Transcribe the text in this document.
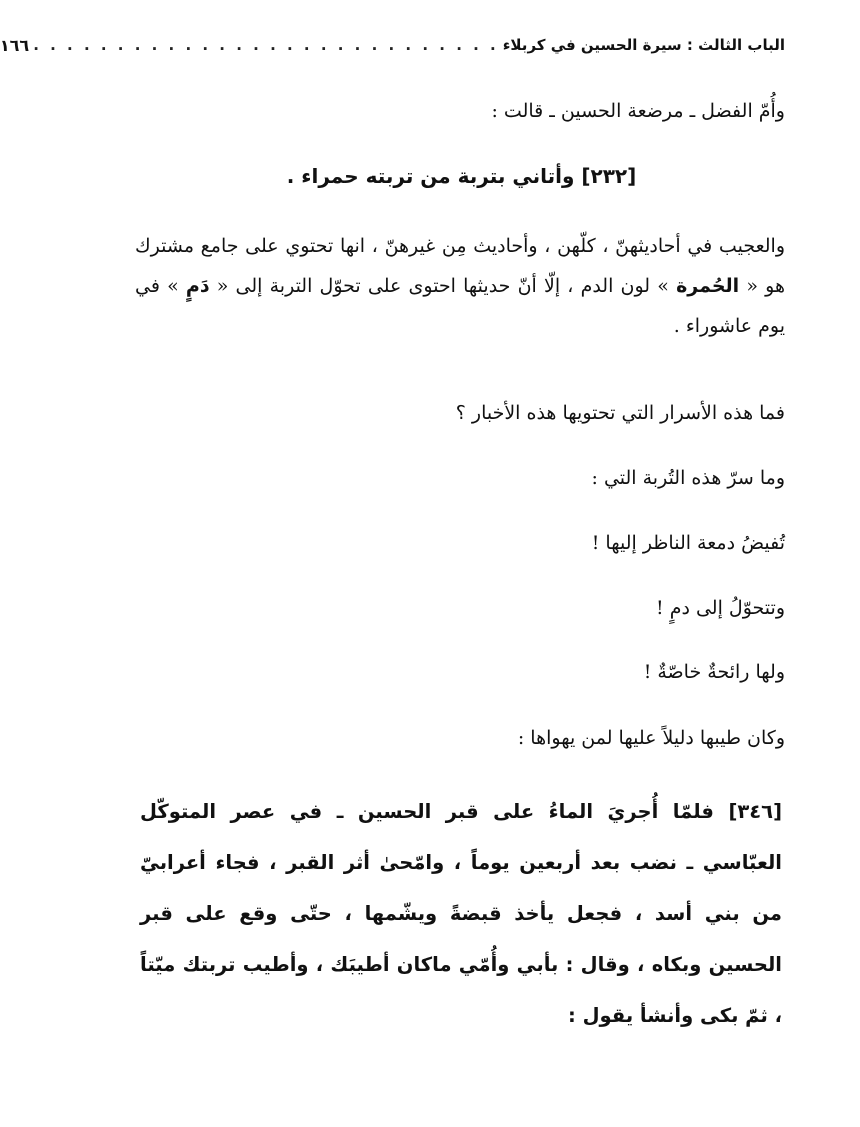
الباب الثالث : سيرة الحسين في كربلاء
. . . . . . . . . . . . . . . . . . . . . . . . . . . .
١٦٦

وأُمّ الفضل ـ مرضعة الحسين ـ قالت :

[٢٣٢] وأتاني بتربة من تربته حمراء .

والعجيب في أحاديثهنّ ، كلّهن ، وأحاديث مِن غيرهنّ ، انها تحتوي على جامع مشترك هو « الحُمرة » لون الدم ، إلّا أنّ حديثها احتوى على تحوّل التربة إلى « دَمٍ » في يوم عاشوراء .

فما هذه الأسرار التي تحتويها هذه الأخبار ؟

وما سرّ هذه التُربة التي :

تُفيضُ دمعة الناظر إليها !

وتتحوّلُ إلى دمٍ !

ولها رائحةٌ خاصّةٌ !

وكان طيبها دليلاً عليها لمن يهواها :

[٣٤٦] فلمّا أُجريَ الماءُ على قبر الحسين ـ في عصر المتوكّل العبّاسي ـ نضب بعد أربعين يوماً ، وامّحىٰ أثر القبر ، فجاء أعرابيّ من بني أسد ، فجعل يأخذ قبضةً ويشّمها ، حتّى وقع على قبر الحسين وبكاه ، وقال : بأبي وأُمّي ماكان أطيبَك ، وأطيب تربتك ميّتاً ، ثمّ بكى وأنشأ يقول :
